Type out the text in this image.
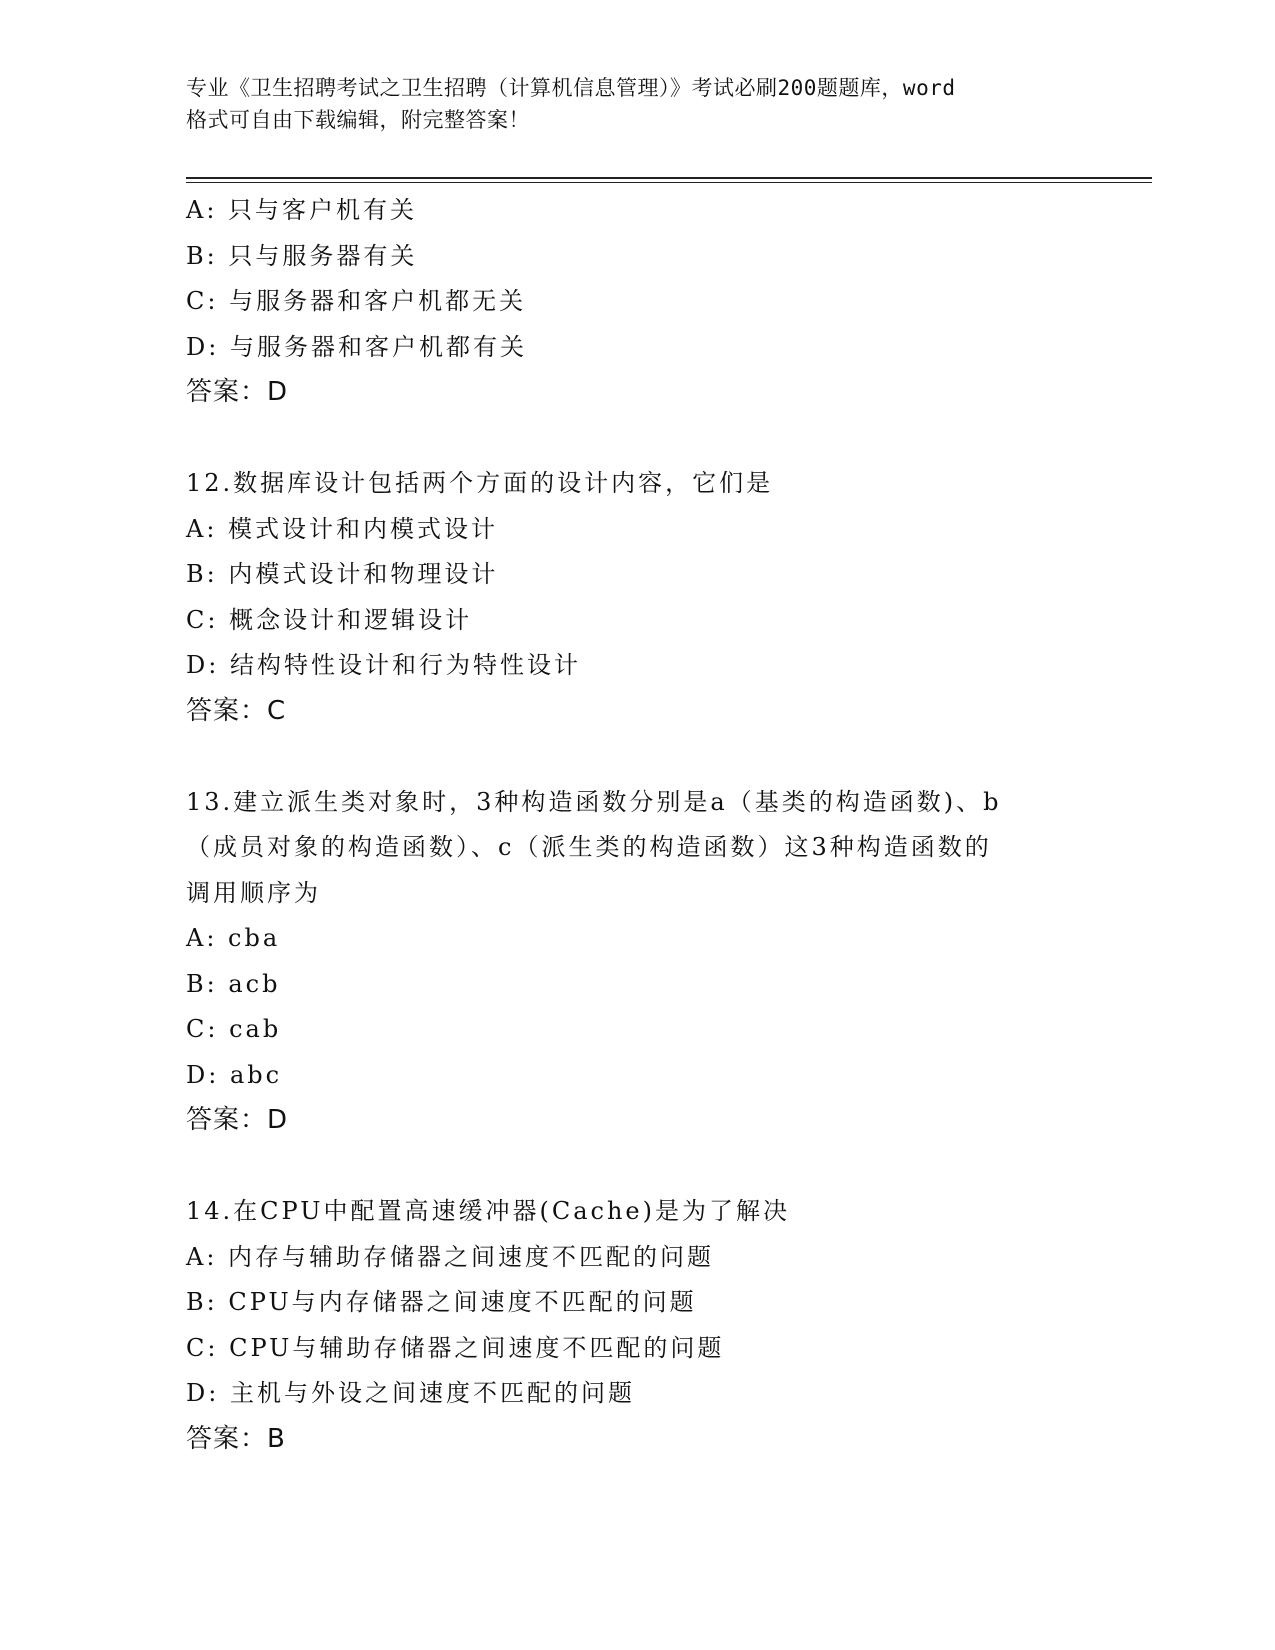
专业《卫生招聘考试之卫生招聘（计算机信息管理）》考试必刷200题题库，word
格式可自由下载编辑，附完整答案！
A: 只与客户机有关
B: 只与服务器有关
C: 与服务器和客户机都无关
D: 与服务器和客户机都有关
答案：D
12.数据库设计包括两个方面的设计内容，它们是
A: 模式设计和内模式设计
B: 内模式设计和物理设计
C: 概念设计和逻辑设计
D: 结构特性设计和行为特性设计
答案：C
13.建立派生类对象时，3种构造函数分别是a（基类的构造函数)、b
（成员对象的构造函数）、c（派生类的构造函数）这3种构造函数的
调用顺序为
A: cba
B: acb
C: cab
D: abc
答案：D
14.在CPU中配置高速缓冲器(Cache)是为了解决
A: 内存与辅助存储器之间速度不匹配的问题
B: CPU与内存储器之间速度不匹配的问题
C: CPU与辅助存储器之间速度不匹配的问题
D: 主机与外设之间速度不匹配的问题
答案：B
